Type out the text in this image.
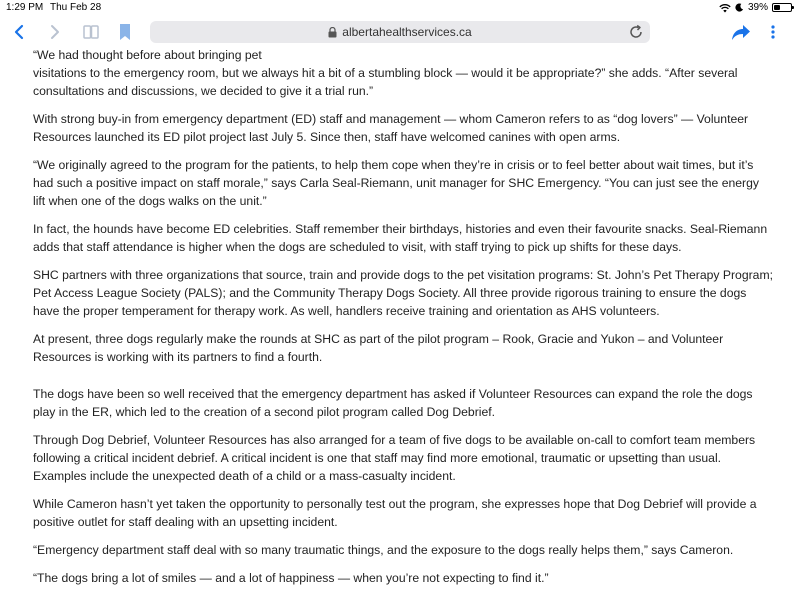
1:29 PM Thu Feb 28	39%
albertahealthservices.ca
“We had thought before about bringing pet

visitations to the emergency room, but we always hit a bit of a stumbling block — would it be appropriate?” she adds. “After several consultations and discussions, we decided to give it a trial run.”

With strong buy-in from emergency department (ED) staff and management — whom Cameron refers to as “dog lovers” — Volunteer Resources launched its ED pilot project last July 5. Since then, staff have welcomed canines with open arms.

“We originally agreed to the program for the patients, to help them cope when they’re in crisis or to feel better about wait times, but it’s had such a positive impact on staff morale,” says Carla Seal-Riemann, unit manager for SHC Emergency. “You can just see the energy lift when one of the dogs walks on the unit.”

In fact, the hounds have become ED celebrities. Staff remember their birthdays, histories and even their favourite snacks. Seal-Riemann adds that staff attendance is higher when the dogs are scheduled to visit, with staff trying to pick up shifts for these days.

SHC partners with three organizations that source, train and provide dogs to the pet visitation programs: St. John’s Pet Therapy Program; Pet Access League Society (PALS); and the Community Therapy Dogs Society. All three provide rigorous training to ensure the dogs have the proper temperament for therapy work. As well, handlers receive training and orientation as AHS volunteers.

At present, three dogs regularly make the rounds at SHC as part of the pilot program – Rook, Gracie and Yukon – and Volunteer Resources is working with its partners to find a fourth.

The dogs have been so well received that the emergency department has asked if Volunteer Resources can expand the role the dogs play in the ER, which led to the creation of a second pilot program called Dog Debrief.

Through Dog Debrief, Volunteer Resources has also arranged for a team of five dogs to be available on-call to comfort team members following a critical incident debrief. A critical incident is one that staff may find more emotional, traumatic or upsetting than usual. Examples include the unexpected death of a child or a mass-casualty incident.

While Cameron hasn’t yet taken the opportunity to personally test out the program, she expresses hope that Dog Debrief will provide a positive outlet for staff dealing with an upsetting incident.

“Emergency department staff deal with so many traumatic things, and the exposure to the dogs really helps them,” says Cameron.

“The dogs bring a lot of smiles — and a lot of happiness — when you’re not expecting to find it.”
